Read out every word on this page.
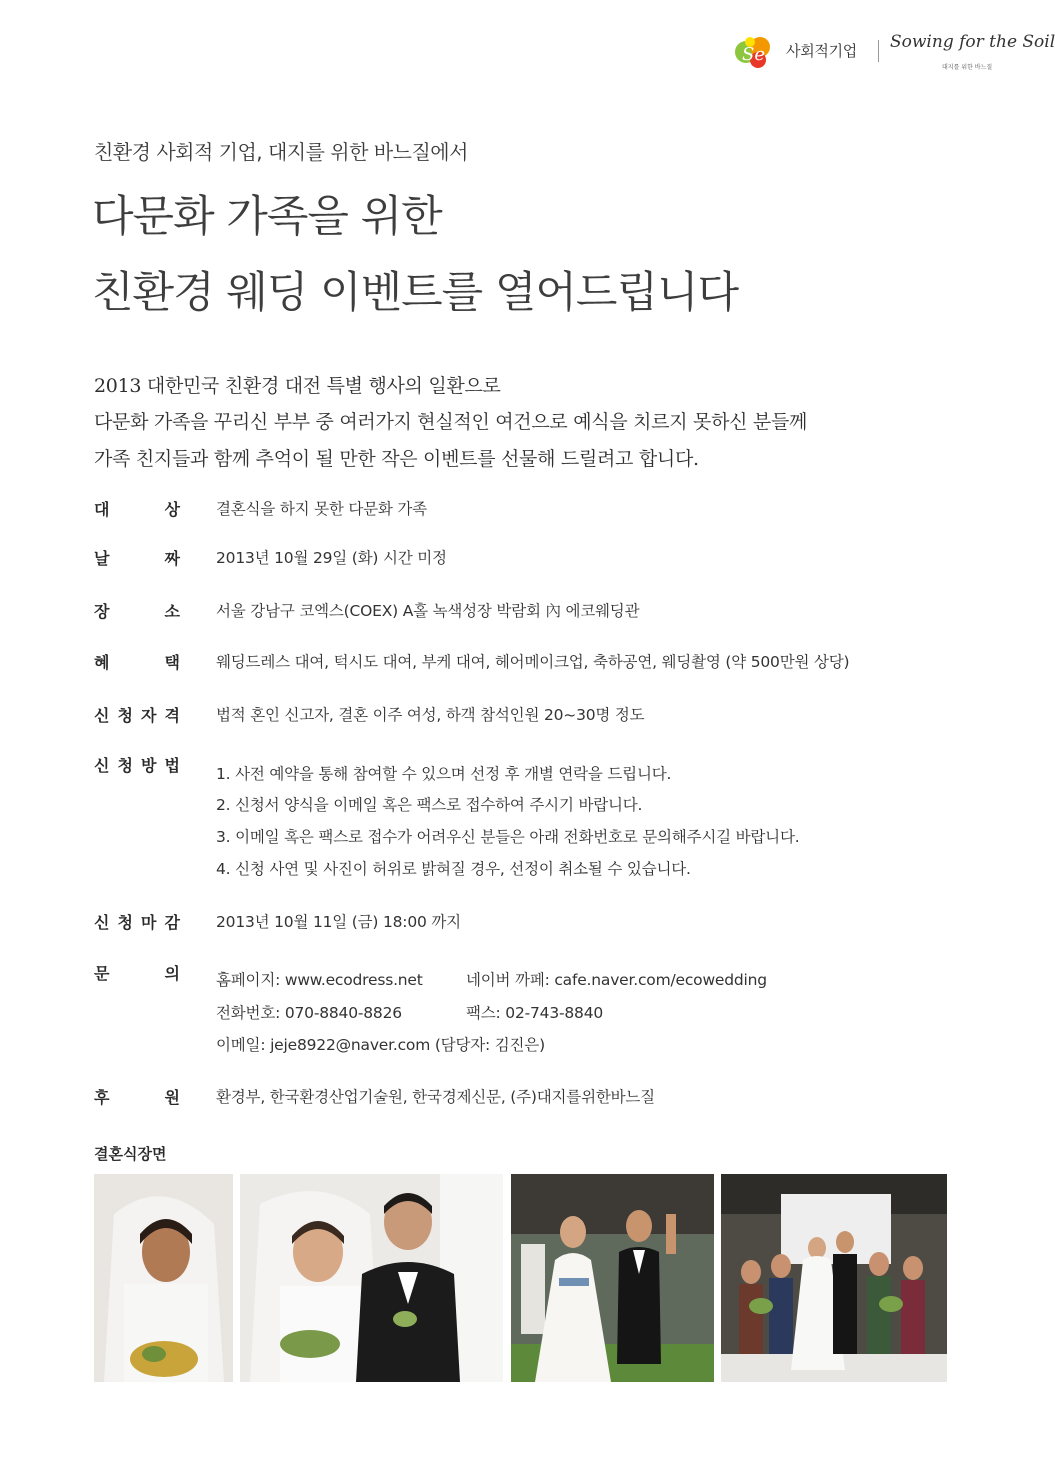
Se 사회적기업 Sowing for the Soil
대지를 위한 바느질
친환경 사회적 기업, 대지를 위한 바느질에서
다문화 가족을 위한
친환경 웨딩 이벤트를 열어드립니다
2013 대한민국 친환경 대전 특별 행사의 일환으로
다문화 가족을 꾸리신 부부 중 여러가지 현실적인 여건으로 예식을 치르지 못하신 분들께
가족 친지들과 함께 추억이 될 만한 작은 이벤트를 선물해 드릴려고 합니다.
대	상 결혼식을 하지 못한 다문화 가족
날	짜 2013년 10월 29일 (화) 시간 미정
장	소 서울 강남구 코엑스(COEX) A홀 녹색성장 박람회 內 에코웨딩관
혜	택 웨딩드레스 대여, 턱시도 대여, 부케 대여, 헤어메이크업, 축하공연, 웨딩촬영 (약 500만원 상당)
신 청 자 격 법적 혼인 신고자, 결혼 이주 여성, 하객 참석인원 20~30명 정도
신 청 방 법 1. 사전 예약을 통해 참여할 수 있으며 선정 후 개별 연락을 드립니다.
2. 신청서 양식을 이메일 혹은 팩스로 접수하여 주시기 바랍니다.
3. 이메일 혹은 팩스로 접수가 어려우신 분들은 아래 전화번호로 문의해주시길 바랍니다.
4. 신청 사연 및 사진이 허위로 밝혀질 경우, 선정이 취소될 수 있습니다.
신 청 마 감 2013년 10월 11일 (금) 18:00 까지
문	의 홈페이지: www.ecodress.net	네이버 까페: cafe.naver.com/ecowedding
전화번호: 070-8840-8826	팩스: 02-743-8840
이메일: jeje8922@naver.com (담당자: 김진은)
후	원 환경부, 한국환경산업기술원, 한국경제신문, (주)대지를위한바느질
결혼식장면
